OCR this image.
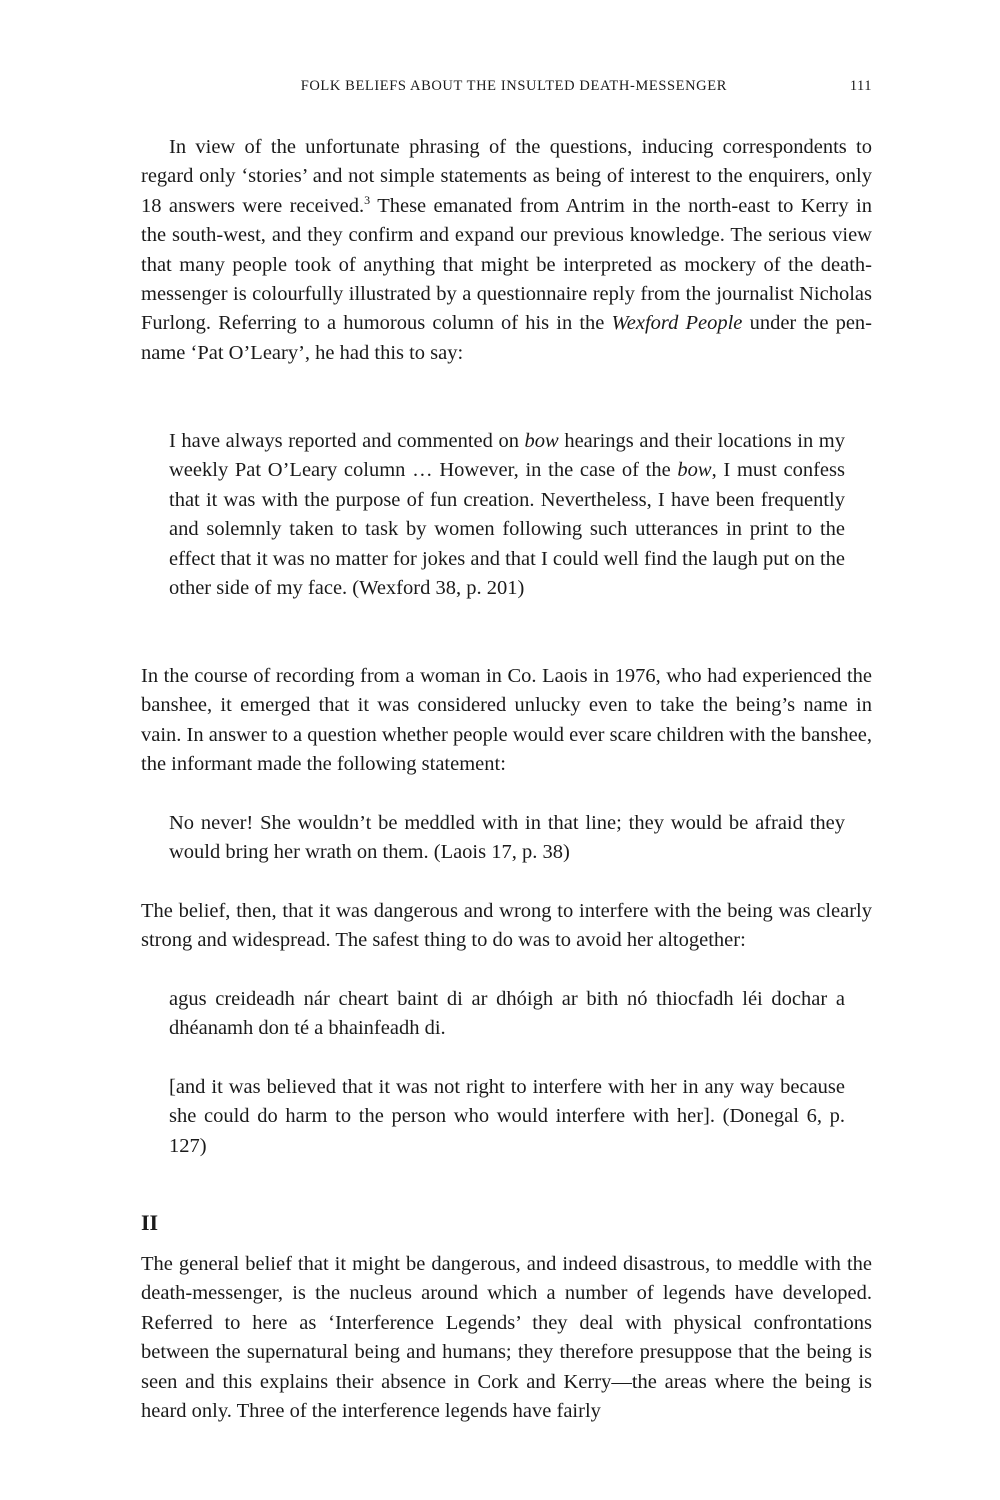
FOLK BELIEFS ABOUT THE INSULTED DEATH-MESSENGER	111

In view of the unfortunate phrasing of the questions, inducing correspondents to regard only ‘stories’ and not simple statements as being of interest to the enquirers, only 18 answers were received.$^3$ These emanated from Antrim in the north-east to Kerry in the south-west, and they confirm and expand our previous knowledge. The serious view that many people took of anything that might be interpreted as mockery of the death-messenger is colourfully illustrated by a questionnaire reply from the journalist Nicholas Furlong. Referring to a humorous column of his in the Wexford People under the pen-name ‘Pat O’Leary’, he had this to say:

I have always reported and commented on bow hearings and their locations in my weekly Pat O’Leary column … However, in the case of the bow, I must confess that it was with the purpose of fun creation. Nevertheless, I have been frequently and solemnly taken to task by women following such utterances in print to the effect that it was no matter for jokes and that I could well find the laugh put on the other side of my face. (Wexford 38, p. 201)

In the course of recording from a woman in Co. Laois in 1976, who had experienced the banshee, it emerged that it was considered unlucky even to take the being’s name in vain. In answer to a question whether people would ever scare children with the banshee, the informant made the following statement:

No never! She wouldn’t be meddled with in that line; they would be afraid they would bring her wrath on them. (Laois 17, p. 38)

The belief, then, that it was dangerous and wrong to interfere with the being was clearly strong and widespread. The safest thing to do was to avoid her altogether:

agus creideadh nár cheart baint di ar dhóigh ar bith nó thiocfadh léi dochar a dhéanamh don té a bhainfeadh di.

[and it was believed that it was not right to interfere with her in any way because she could do harm to the person who would interfere with her]. (Donegal 6, p. 127)

II

The general belief that it might be dangerous, and indeed disastrous, to meddle with the death-messenger, is the nucleus around which a number of legends have developed. Referred to here as ‘Interference Legends’ they deal with physical confrontations between the supernatural being and humans; they therefore presuppose that the being is seen and this explains their absence in Cork and Kerry—the areas where the being is heard only. Three of the interference legends have fairly
